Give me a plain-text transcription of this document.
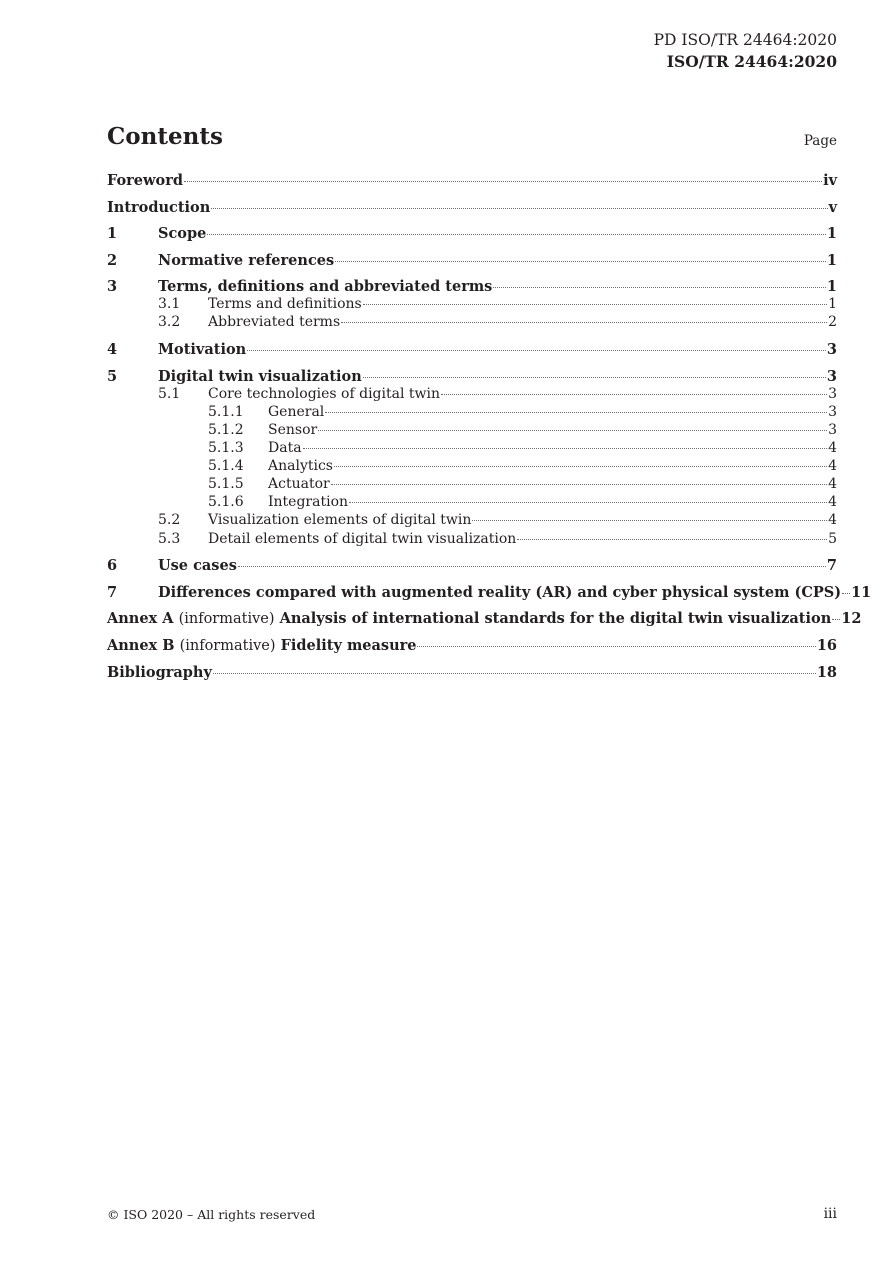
PD ISO/TR 24464:2020
ISO/TR 24464:2020
Contents	Page
Foreword	iv
Introduction	v
1	Scope	1
2	Normative references	1
3	Terms, definitions and abbreviated terms	1
3.1	Terms and definitions	1
3.2	Abbreviated terms	2
4	Motivation	3
5	Digital twin visualization	3
5.1	Core technologies of digital twin	3
5.1.1	General	3
5.1.2	Sensor	3
5.1.3	Data	4
5.1.4	Analytics	4
5.1.5	Actuator	4
5.1.6	Integration	4
5.2	Visualization elements of digital twin	4
5.3	Detail elements of digital twin visualization	5
6	Use cases	7
7	Differences compared with augmented reality (AR) and cyber physical system (CPS) 11
Annex A (informative) Analysis of international standards for the digital twin visualization 12
Annex B (informative) Fidelity measure	16
Bibliography	18
© ISO 2020 – All rights reserved	iii
